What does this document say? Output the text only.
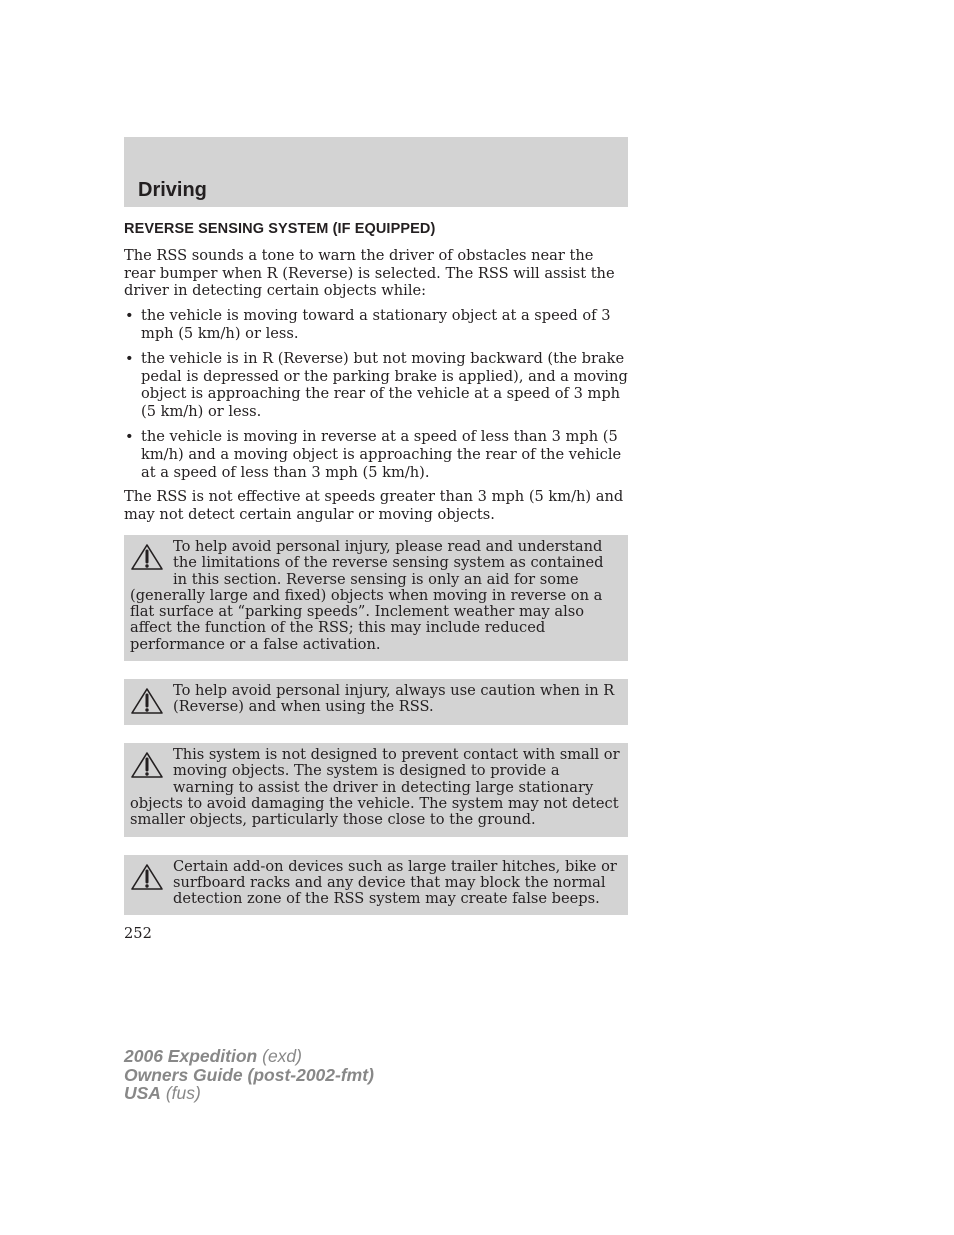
Driving
REVERSE SENSING SYSTEM (IF EQUIPPED)

The RSS sounds a tone to warn the driver of obstacles near the rear bumper when R (Reverse) is selected. The RSS will assist the driver in detecting certain objects while:

• the vehicle is moving toward a stationary object at a speed of 3 mph (5 km/h) or less.
• the vehicle is in R (Reverse) but not moving backward (the brake pedal is depressed or the parking brake is applied), and a moving object is approaching the rear of the vehicle at a speed of 3 mph (5 km/h) or less.
• the vehicle is moving in reverse at a speed of less than 3 mph (5 km/h) and a moving object is approaching the rear of the vehicle at a speed of less than 3 mph (5 km/h).

The RSS is not effective at speeds greater than 3 mph (5 km/h) and may not detect certain angular or moving objects.

To help avoid personal injury, please read and understand the limitations of the reverse sensing system as contained in this section. Reverse sensing is only an aid for some (generally large and fixed) objects when moving in reverse on a flat surface at “parking speeds”. Inclement weather may also affect the function of the RSS; this may include reduced performance or a false activation.
To help avoid personal injury, always use caution when in R (Reverse) and when using the RSS.
This system is not designed to prevent contact with small or moving objects. The system is designed to provide a warning to assist the driver in detecting large stationary objects to avoid damaging the vehicle. The system may not detect smaller objects, particularly those close to the ground.
Certain add-on devices such as large trailer hitches, bike or surfboard racks and any device that may block the normal detection zone of the RSS system may create false beeps.
252
2006 Expedition (exd)
Owners Guide (post-2002-fmt)
USA (fus)
